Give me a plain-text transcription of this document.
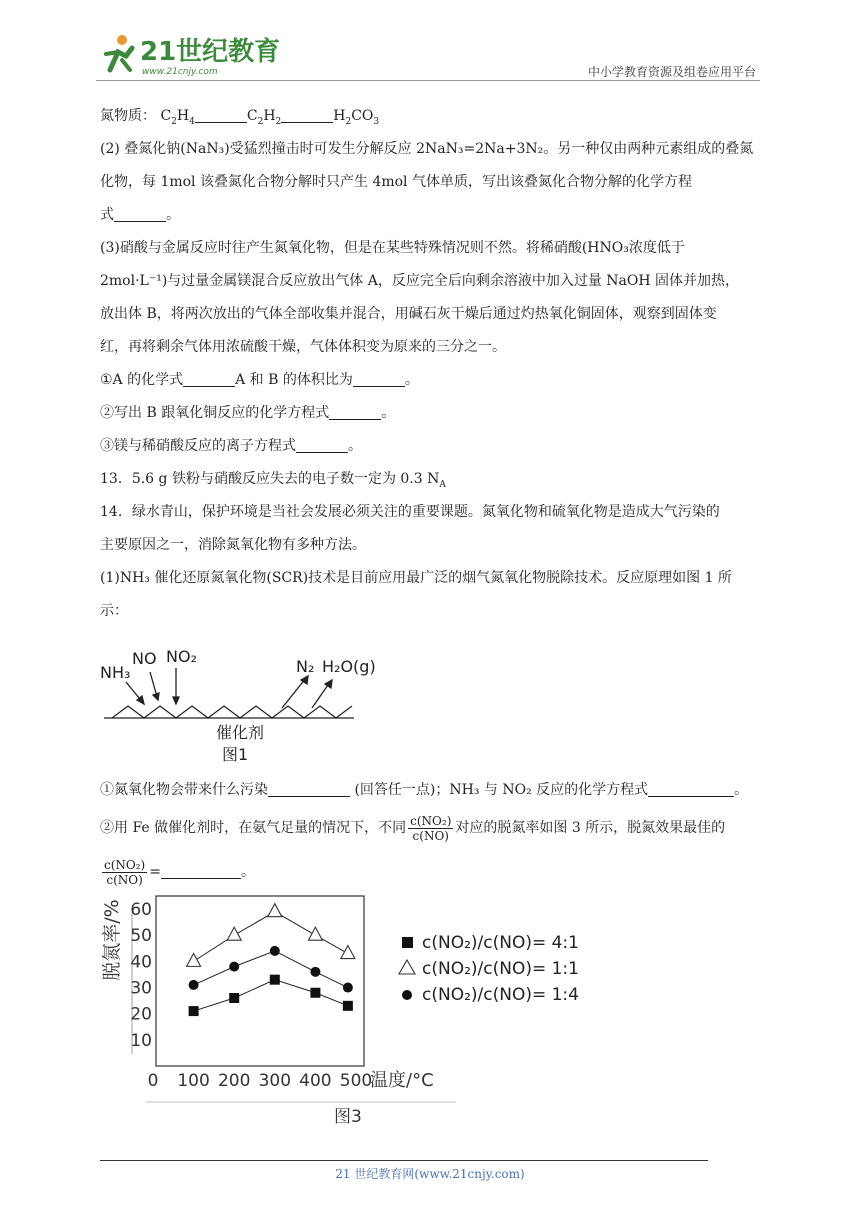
21世纪教育
www.21cnjy.com	中小学教育资源及组卷应用平台

氮物质： $C_2H_4$	$C_2H_2$	$H_2CO_3$

(2) 叠氮化钠(NaN₃)受猛烈撞击时可发生分解反应 2NaN₃=2Na+3N₂。另一种仅由两种元素组成的叠氮

化物，每 1mol 该叠氮化合物分解时只产生 4mol 气体单质，写出该叠氮化合物分解的化学方程

式	。

(3)硝酸与金属反应时往产生氮氧化物，但是在某些特殊情况则不然。将稀硝酸(HNO₃浓度低于

2mol·L⁻¹)与过量金属镁混合反应放出气体 A，反应完全后向剩余溶液中加入过量 NaOH 固体并加热，

放出体 B，将两次放出的气体全部收集并混合，用碱石灰干燥后通过灼热氧化铜固体，观察到固体变

红，再将剩余气体用浓硫酸干燥，气体体积变为原来的三分之一。

①A 的化学式	A 和 B 的体积比为	。

②写出 B 跟氧化铜反应的化学方程式	。

③镁与稀硝酸反应的离子方程式	。

13．5.6 g 铁粉与硝酸反应失去的电子数一定为 0.3 $N_A$

14．绿水青山，保护环境是当社会发展必须关注的重要课题。氮氧化物和硫氧化物是造成大气污染的

主要原因之一，消除氮氧化物有多种方法。

(1)NH₃ 催化还原氮氧化物(SCR)技术是目前应用最广泛的烟气氮氧化物脱除技术。反应原理如图 1 所

示：

NH₃
NO NO₂
N₂ H₂O(g)
催化剂
图1
①氮氧化物会带来什么污染	(回答任一点)；NH₃ 与 NO₂ 反应的化学方程式	。
②用 Fe 做催化剂时，在氨气足量的情况下，不同 $\frac{\text{c(NO₂)}}{c(NO)}$ 对应的脱氮率如图 3 所示，脱氮效果最佳的
$\frac{\text{c(NO₂)}}{c(NO)}$ =	。
脱氮率/%
图3
温度/°C
10
20
30
40
50
60
0 100 200 300 400 500
c(NO₂)/c(NO)= 4:1
c(NO₂)/c(NO)= 1:1
c(NO₂)/c(NO)= 1:4
21 世纪教育网(www.21cnjy.com)
